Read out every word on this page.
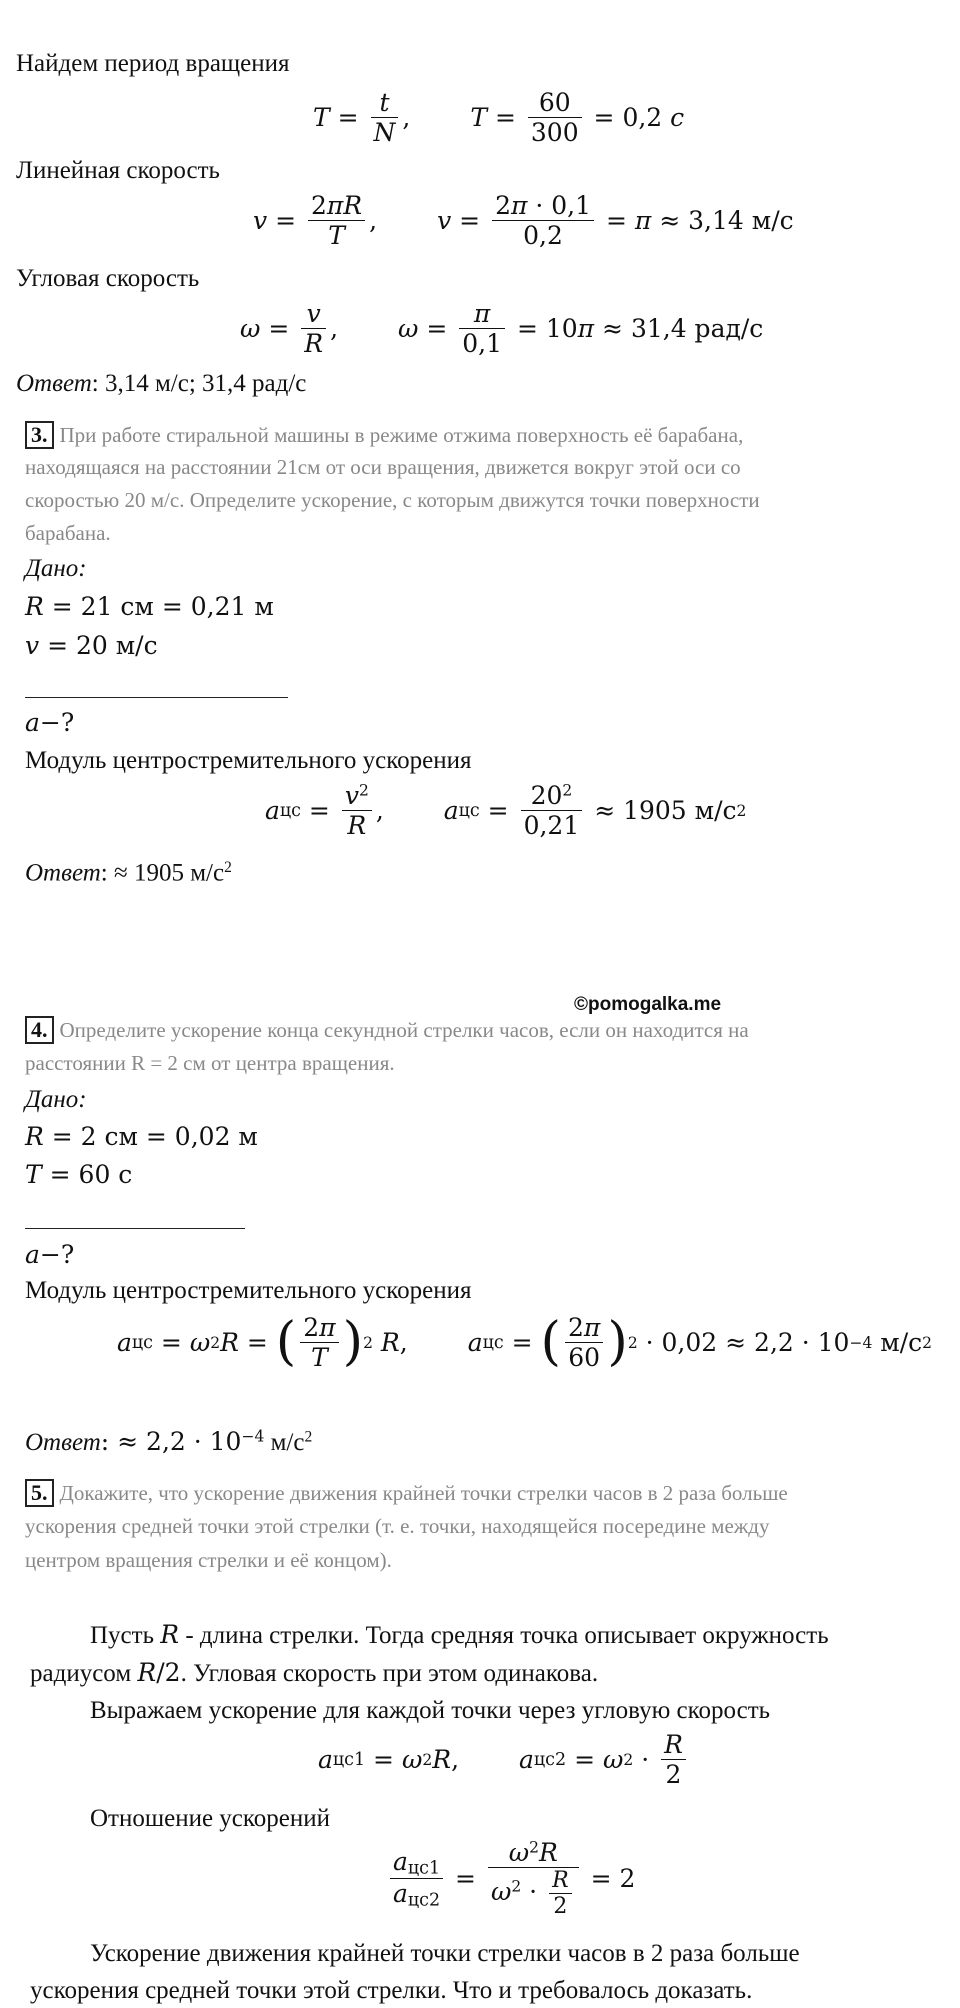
Найдем период вращения
$T = \frac{t}{N}$ , $T = \frac{60}{300} = 0,2$ с
Линейная скорость
$v = \frac{2\pi R}{T}$ , $v = \frac{2\pi \cdot 0,1}{0,2} = \pi \approx 3,14$ м/с
Угловая скорость
$\omega = \frac{v}{R}$ , $\omega = \frac{\pi}{0,1} = 10$ π ≈ 31,4 рад/с
Ответ: 3,14 м/с; 31,4 рад/с
3. При работе стиральной машины в режиме отжима поверхность её барабана,
находящаяся на расстоянии 21см от оси вращения, движется вокруг этой оси со
скоростью 20 м/с. Определите ускорение, с которым движутся точки поверхности
барабана.
Дано:
R = 21 см = 0,21 м
v = 20 м/с
a−?
Модуль центростремительного ускорения
a цс = $\frac{v^2}{R}$ , a цс = $\frac{20^2}{0,21} \approx 1905$ м/с 2
Ответ: ≈ 1905 $м/с^2$
©pomogalka.me
4. Определите ускорение конца секундной стрелки часов, если он находится на
расстоянии R = 2 см от центра вращения.
Дано:
R = 2 см = 0,02 м
T = 60 с
a−?
Модуль центростремительного ускорения
a цс = ω 2 R = ( $\frac{2\pi}{T}$ ) 2
R , a цс = ( $\frac{2\pi}{60}$ ) 2 · 0,02 ≈ 2,2 · 10 −4 м/с 2
Ответ: ≈ $2,2 \cdot 10^{-4}$ $м/с^2$
5. Докажите, что ускорение движения крайней точки стрелки часов в 2 раза больше
ускорения средней точки этой стрелки (т. е. точки, находящейся посередине между
центром вращения стрелки и её концом).
Пусть R - длина стрелки. Тогда средняя точка описывает окружность
радиусом R/2. Угловая скорость при этом одинакова.
Выражаем ускорение для каждой точки через угловую скорость
a цс1 = ω 2 R , a цс2 = ω $2 \cdot \frac{R}{2}$
Отношение ускорений
$\frac{a_{цс1}}{a_{цс2}} = \frac{\omega^2R}{\omega^2 \cdot \frac{R}{2}} = 2$
Ускорение движения крайней точки стрелки часов в 2 раза больше
ускорения средней точки этой стрелки. Что и требовалось доказать.
